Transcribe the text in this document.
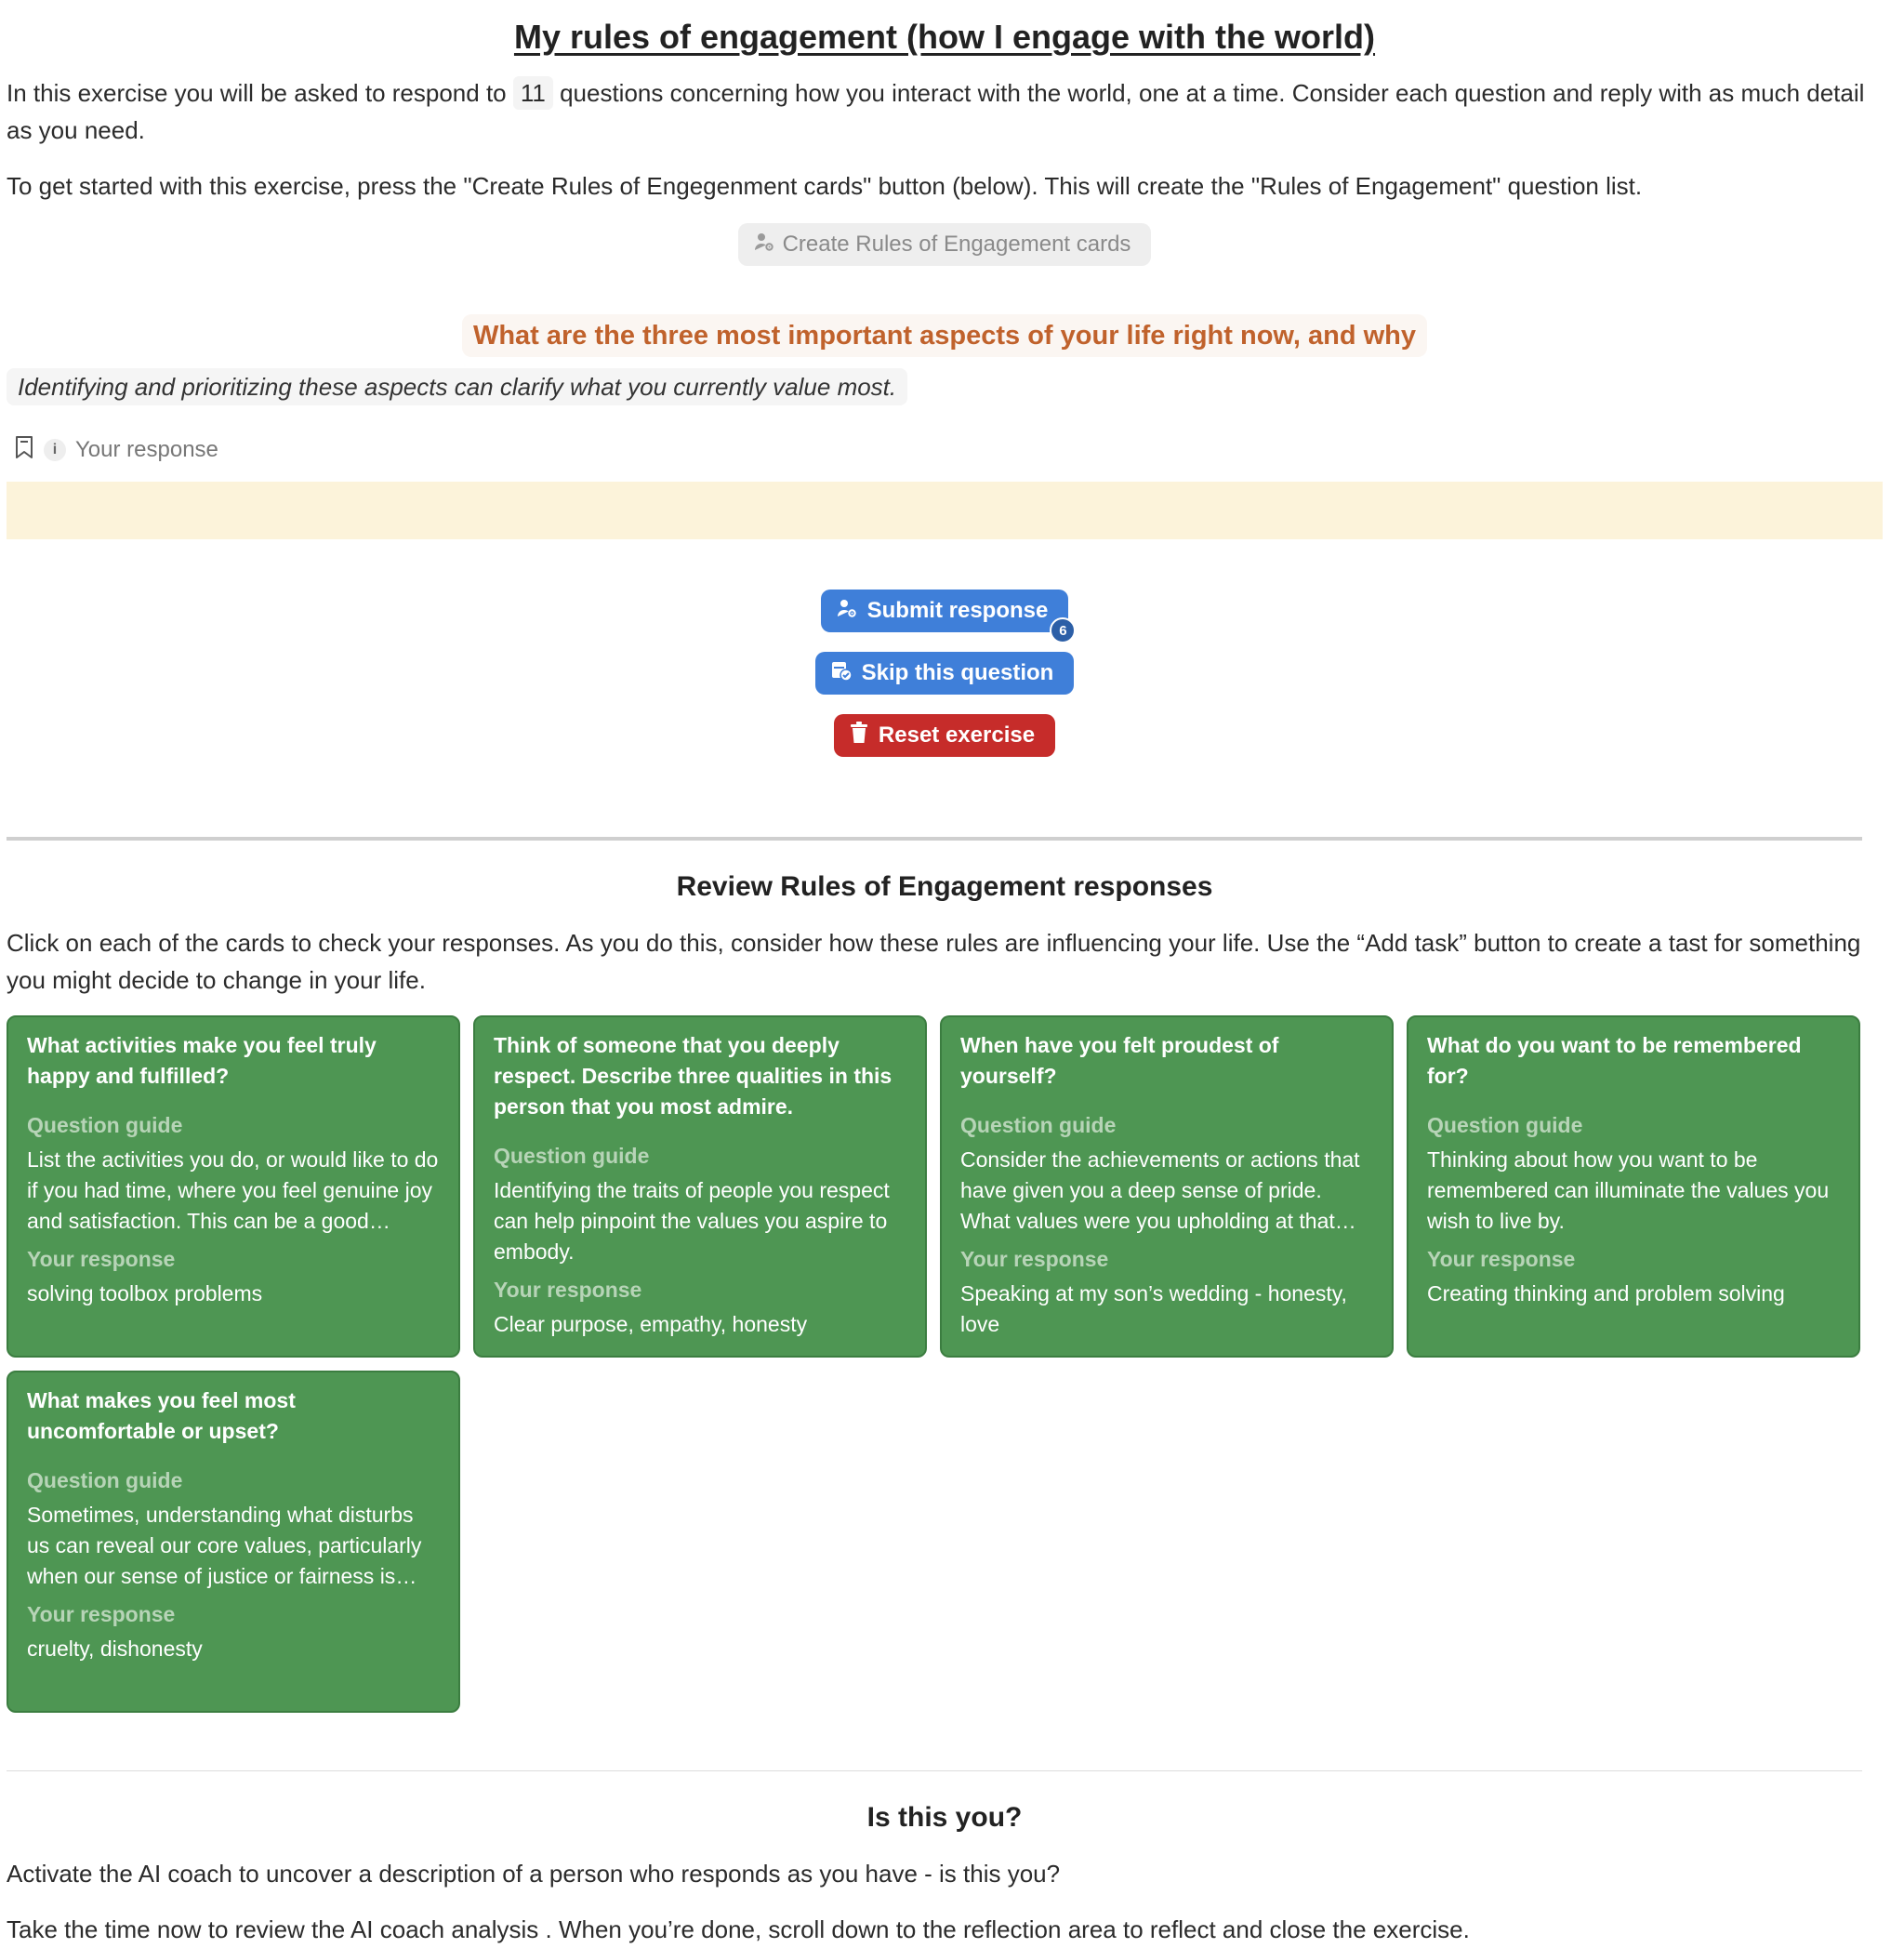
My rules of engagement (how I engage with the world)

In this exercise you will be asked to respond to 11 questions concerning how you interact with the world, one at a time. Consider each question and reply with as much detail as you need.

To get started with this exercise, press the "Create Rules of Engegenment cards" button (below). This will create the "Rules of Engagement" question list.

Create Rules of Engagement cards
What are the three most important aspects of your life right now, and why
Identifying and prioritizing these aspects can clarify what you currently value most.
i Your response
Submit response
6
Skip this question
Reset exercise
Review Rules of Engagement responses

Click on each of the cards to check your responses. As you do this, consider how these rules are influencing your life. Use the “Add task” button to create a tast for something you might decide to change in your life.

What activities make you feel truly happy and fulfilled?

Question guide

List the activities you do, or would like to do if you had time, where you feel genuine joy and satisfaction. This can be a good

Your response

solving toolbox problems

Think of someone that you deeply respect. Describe three qualities in this person that you most admire.

Question guide

Identifying the traits of people you respect can help pinpoint the values you aspire to embody.

Your response

Clear purpose, empathy, honesty

When have you felt proudest of yourself?

Question guide

Consider the achievements or actions that have given you a deep sense of pride. What values were you upholding at that

Your response

Speaking at my son’s wedding - honesty, love

What do you want to be remembered for?

Question guide

Thinking about how you want to be remembered can illuminate the values you wish to live by.

Your response

Creating thinking and problem solving

What makes you feel most uncomfortable or upset?

Question guide

Sometimes, understanding what disturbs us can reveal our core values, particularly when our sense of justice or fairness is

Your response

cruelty, dishonesty

Is this you?

Activate the AI coach to uncover a description of a person who responds as you have - is this you?

Take the time now to review the AI coach analysis . When you’re done, scroll down to the reflection area to reflect and close the exercise.
